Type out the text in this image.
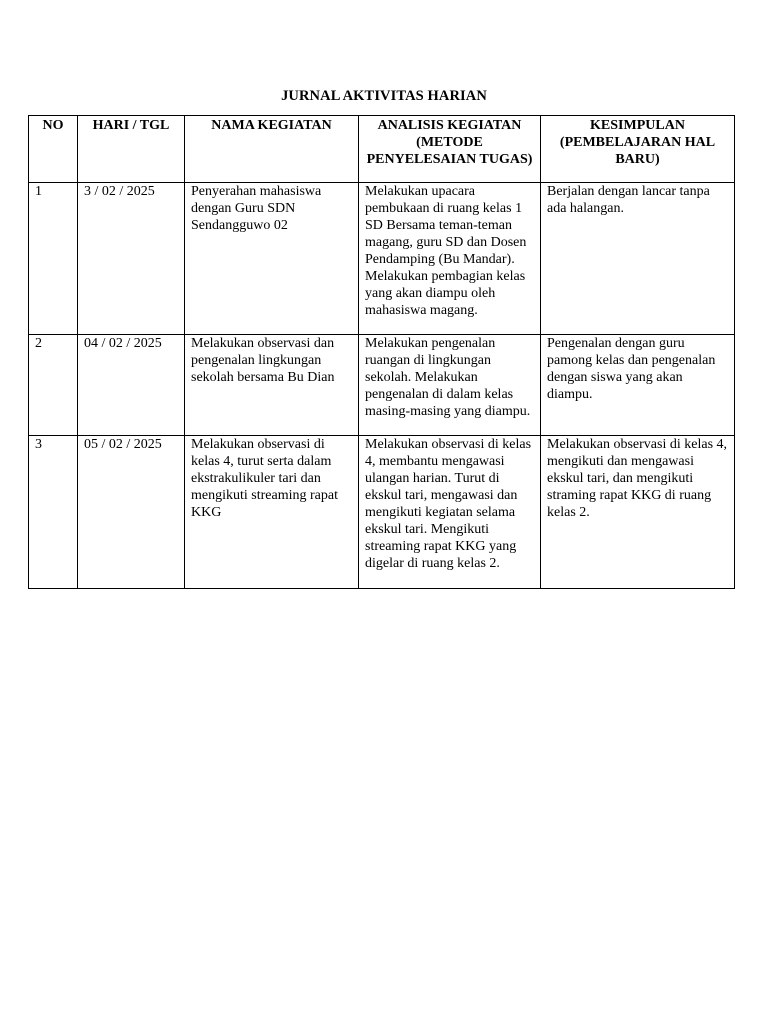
JURNAL AKTIVITAS HARIAN
NO	HARI / TGL	NAMA KEGIATAN	ANALISIS KEGIATAN (METODE PENYELESAIAN TUGAS)	KESIMPULAN (PEMBELAJARAN HAL BARU)
1	3 / 02 / 2025	Penyerahan mahasiswa dengan Guru SDN Sendangguwo 02	Melakukan upacara pembukaan di ruang kelas 1 SD Bersama teman-teman magang, guru SD dan Dosen Pendamping (Bu Mandar). Melakukan pembagian kelas yang akan diampu oleh mahasiswa magang.	Berjalan dengan lancar tanpa ada halangan.
2	04 / 02 / 2025	Melakukan observasi dan pengenalan lingkungan sekolah bersama Bu Dian	Melakukan pengenalan ruangan di lingkungan sekolah. Melakukan pengenalan di dalam kelas masing-masing yang diampu.	Pengenalan dengan guru pamong kelas dan pengenalan dengan siswa yang akan diampu.
3	05 / 02 / 2025	Melakukan observasi di kelas 4, turut serta dalam ekstrakulikuler tari dan mengikuti streaming rapat KKG	Melakukan observasi di kelas 4, membantu mengawasi ulangan harian. Turut di ekskul tari, mengawasi dan mengikuti kegiatan selama ekskul tari. Mengikuti streaming rapat KKG yang digelar di ruang kelas 2.	Melakukan observasi di kelas 4, mengikuti dan mengawasi ekskul tari, dan mengikuti straming rapat KKG di ruang kelas 2.
